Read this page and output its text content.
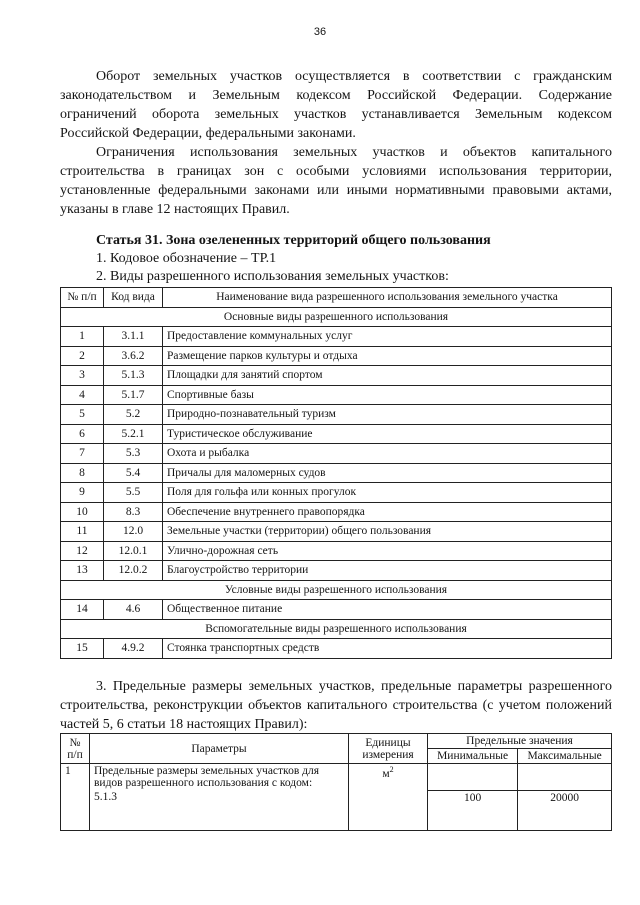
36

Оборот земельных участков осуществляется в соответствии с гражданским законодательством и Земельным кодексом Российской Федерации. Содержание ограничений оборота земельных участков устанавливается Земельным кодексом Российской Федерации, федеральными законами.

Ограничения использования земельных участков и объектов капитального строительства в границах зон с особыми условиями использования территории, установленные федеральными законами или иными нормативными правовыми актами, указаны в главе 12 настоящих Правил.

Статья 31. Зона озелененных территорий общего пользования

1. Кодовое обозначение – ТР.1

2. Виды разрешенного использования земельных участков:

№ п/п	Код вида	Наименование вида разрешенного использования земельного участка
Основные виды разрешенного использования		
1	3.1.1	Предоставление коммунальных услуг
2	3.6.2	Размещение парков культуры и отдыха
3	5.1.3	Площадки для занятий спортом
4	5.1.7	Спортивные базы
5	5.2	Природно-познавательный туризм
6	5.2.1	Туристическое обслуживание
7	5.3	Охота и рыбалка
8	5.4	Причалы для маломерных судов
9	5.5	Поля для гольфа или конных прогулок
10	8.3	Обеспечение внутреннего правопорядка
11	12.0	Земельные участки (территории) общего пользования
12	12.0.1	Улично-дорожная сеть
13	12.0.2	Благоустройство территории
Условные виды разрешенного использования		
14	4.6	Общественное питание
Вспомогательные виды разрешенного использования		
15	4.9.2	Стоянка транспортных средств

3. Предельные размеры земельных участков, предельные параметры разрешенного строительства, реконструкции объектов капитального строительства (с учетом положений частей 5, 6 статьи 18 настоящих Правил):

№ п/п	Параметры	Единицы измерения	Предельные значения	
			Минимальные	Максимальные
1	Предельные размеры земельных участков для видов разрешенного использования с кодом:	$м^2$		
	5.1.3		100	20000
